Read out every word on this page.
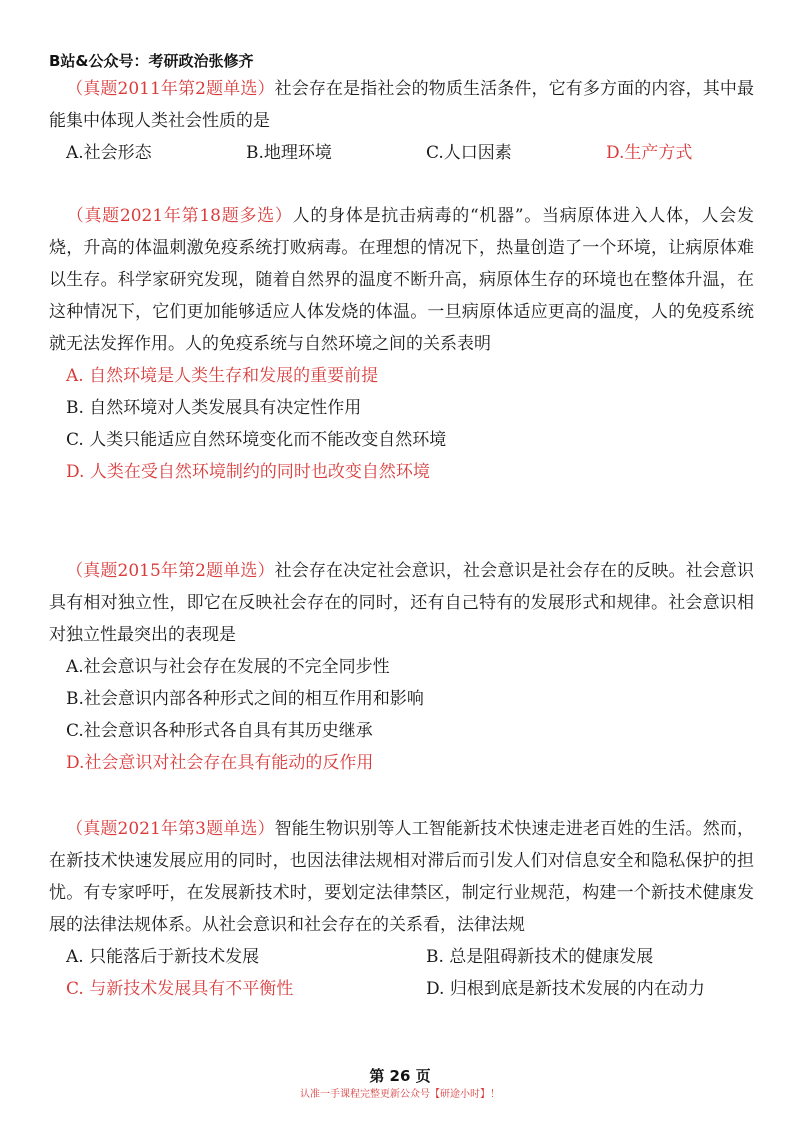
B站&公众号：考研政治张修齐

 （真题2011年第2题单选）社会存在是指社会的物质生活条件，它有多方面的内容，其中最能集中体现人类社会性质的是

A.社会形态	B.地理环境	C.人口因素	D.生产方式

 （真题2021年第18题多选）人的身体是抗击病毒的“机器”。当病原体进入人体，人会发烧，升高的体温刺激免疫系统打败病毒。在理想的情况下，热量创造了一个环境，让病原体难以生存。科学家研究发现，随着自然界的温度不断升高，病原体生存的环境也在整体升温，在这种情况下，它们更加能够适应人体发烧的体温。一旦病原体适应更高的温度，人的免疫系统就无法发挥作用。人的免疫系统与自然环境之间的关系表明

A. 自然环境是人类生存和发展的重要前提
B. 自然环境对人类发展具有决定性作用
C. 人类只能适应自然环境变化而不能改变自然环境
D. 人类在受自然环境制约的同时也改变自然环境

 （真题2015年第2题单选）社会存在决定社会意识，社会意识是社会存在的反映。社会意识具有相对独立性，即它在反映社会存在的同时，还有自己特有的发展形式和规律。社会意识相对独立性最突出的表现是

A.社会意识与社会存在发展的不完全同步性
B.社会意识内部各种形式之间的相互作用和影响
C.社会意识各种形式各自具有其历史继承
D.社会意识对社会存在具有能动的反作用

 （真题2021年第3题单选）智能生物识别等人工智能新技术快速走进老百姓的生活。然而，在新技术快速发展应用的同时，也因法律法规相对滞后而引发人们对信息安全和隐私保护的担忧。有专家呼吁，在发展新技术时，要划定法律禁区，制定行业规范，构建一个新技术健康发展的法律法规体系。从社会意识和社会存在的关系看，法律法规

A. 只能落后于新技术发展	B. 总是阻碍新技术的健康发展
C. 与新技术发展具有不平衡性	D. 归根到底是新技术发展的内在动力
第 26 页
认准一手课程完整更新公众号【研途小时】！
